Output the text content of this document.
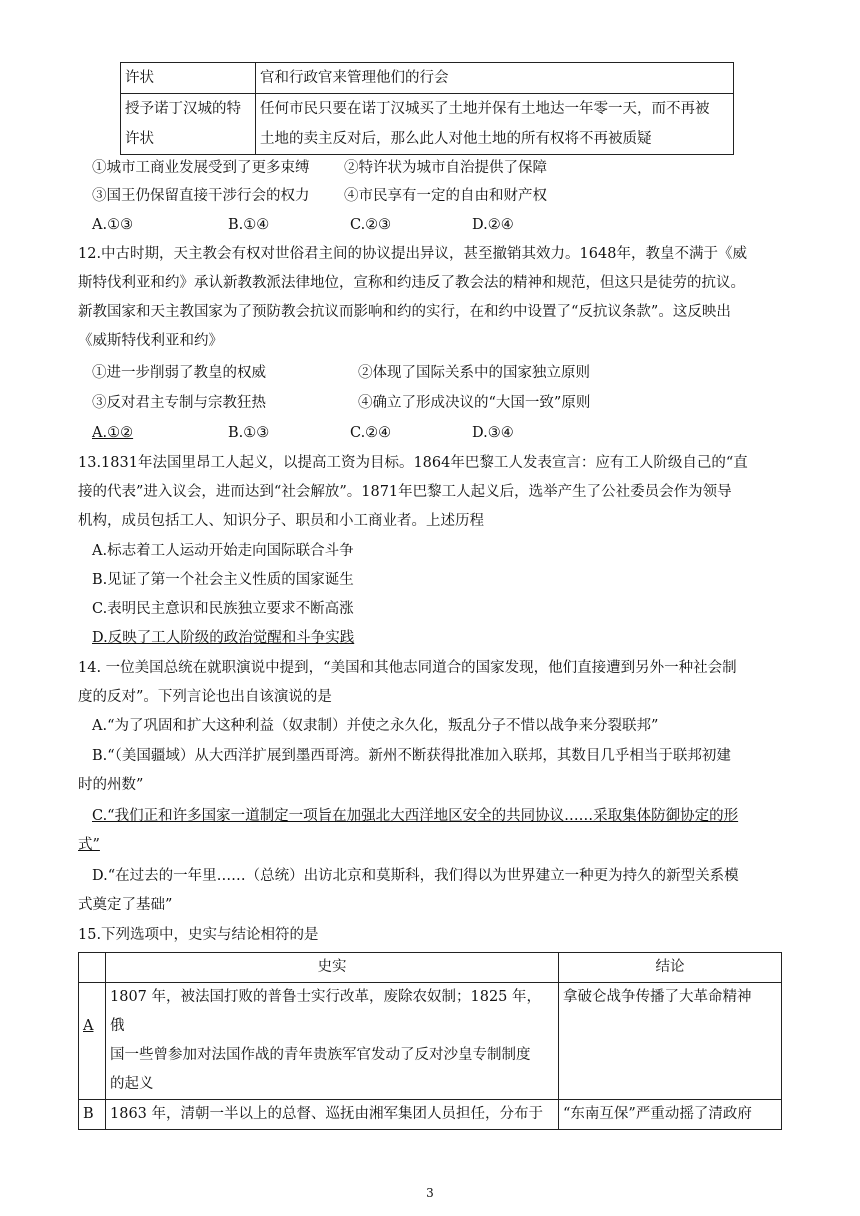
许状	官和行政官来管理他们的行会
授予诺丁汉城的特
许状	任何市民只要在诺丁汉城买了土地并保有土地达一年零一天，而不再被
土地的卖主反对后，那么此人对他土地的所有权将不再被质疑
①城市工商业发展受到了更多束缚 ②特许状为城市自治提供了保障
③国王仍保留直接干涉行会的权力 ④市民享有一定的自由和财产权
A.①③	B.①④	C.②③	D.②④
12.中古时期，天主教会有权对世俗君主间的协议提出异议，甚至撤销其效力。1648年，教皇不满于《威
斯特伐利亚和约》承认新教教派法律地位，宣称和约违反了教会法的精神和规范，但这只是徒劳的抗议。
新教国家和天主教国家为了预防教会抗议而影响和约的实行，在和约中设置了“反抗议条款”。这反映出
《威斯特伐利亚和约》
①进一步削弱了教皇的权威	②体现了国际关系中的国家独立原则
③反对君主专制与宗教狂热	④确立了形成决议的“大国一致”原则
A.①②	B.①③	C.②④	D.③④
13.1831年法国里昂工人起义，以提高工资为目标。1864年巴黎工人发表宣言：应有工人阶级自己的“直
接的代表”进入议会，进而达到“社会解放”。1871年巴黎工人起义后，选举产生了公社委员会作为领导
机构，成员包括工人、知识分子、职员和小工商业者。上述历程
A.标志着工人运动开始走向国际联合斗争
B.见证了第一个社会主义性质的国家诞生
C.表明民主意识和民族独立要求不断高涨
D.反映了工人阶级的政治觉醒和斗争实践
14. 一位美国总统在就职演说中提到，“美国和其他志同道合的国家发现，他们直接遭到另外一种社会制
度的反对”。下列言论也出自该演说的是
A.“为了巩固和扩大这种利益（奴隶制）并使之永久化，叛乱分子不惜以战争来分裂联邦”
B.“（美国疆域）从大西洋扩展到墨西哥湾。新州不断获得批准加入联邦，其数目几乎相当于联邦初建
时的州数”
C.“我们正和许多国家一道制定一项旨在加强北大西洋地区安全的共同协议……采取集体防御协定的形
式”
D.“在过去的一年里……（总统）出访北京和莫斯科，我们得以为世界建立一种更为持久的新型关系模
式奠定了基础”
15.下列选项中，史实与结论相符的是
	史实	结论
A	1807 年，被法国打败的普鲁士实行改革，废除农奴制；1825 年，俄
国一些曾参加对法国作战的青年贵族军官发动了反对沙皇专制制度
的起义	拿破仑战争传播了大革命精神
B	1863 年，清朝一半以上的总督、巡抚由湘军集团人员担任，分布于	“东南互保”严重动摇了清政府
3
